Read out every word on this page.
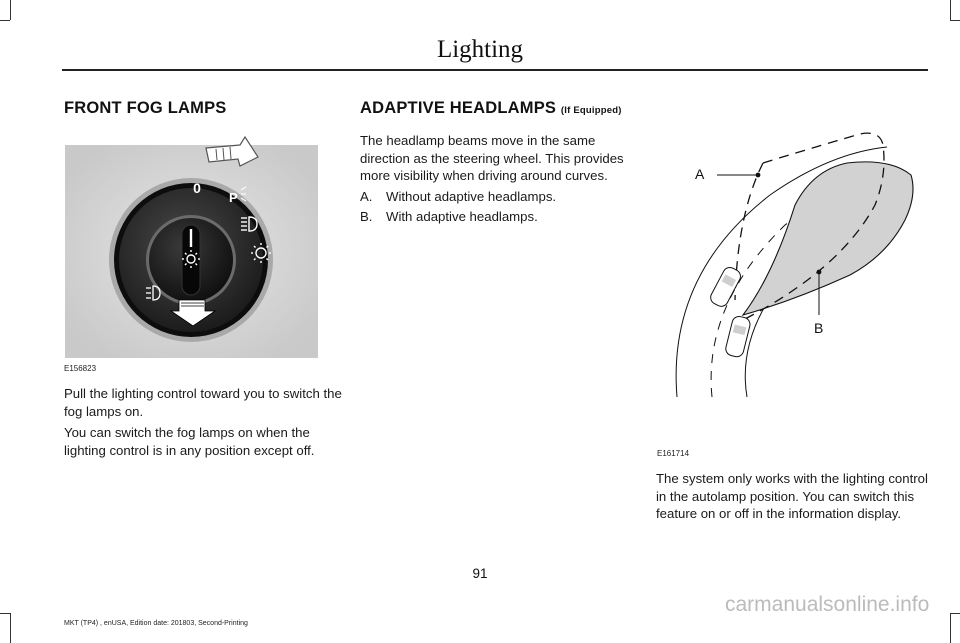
Lighting
FRONT FOG LAMPS
0
P
E156823

Pull the lighting control toward you to switch the fog lamps on.

You can switch the fog lamps on when the lighting control is in any position except off.

ADAPTIVE HEADLAMPS (If Equipped)

The headlamp beams move in the same direction as the steering wheel. This provides more visibility when driving around curves.

A. Without adaptive headlamps.
B. With adaptive headlamps.
A
B
E161714

The system only works with the lighting control in the autolamp position. You can switch this feature on or off in the information display.

91
MKT (TP4) , enUSA, Edition date: 201803, Second-Printing
carmanualsonline.info
